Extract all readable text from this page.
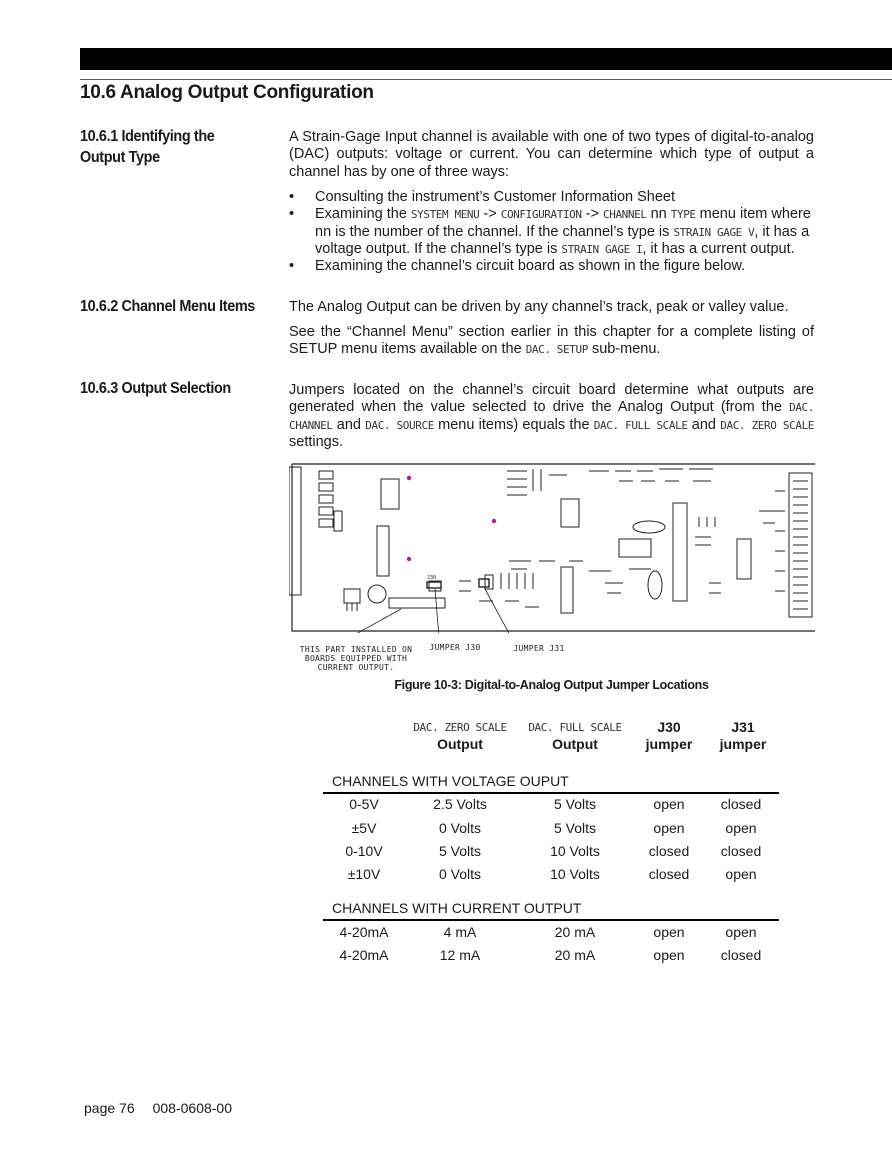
10.6 Analog Output Configuration
10.6.1 Identifying the
Output Type

A Strain-Gage Input channel is available with one of two types of digital-to-analog (DAC) outputs: voltage or current. You can determine which type of output a channel has by one of three ways:

• Consulting the instrument’s Customer Information Sheet
• Examining the SYSTEM MENU -> CONFIGURATION -> CHANNEL nn TYPE menu item where nn is the number of the channel. If the channel’s type is STRAIN GAGE V, it has a voltage output. If the channel’s type is STRAIN GAGE I, it has a current output.
• Examining the channel’s circuit board as shown in the figure below.
10.6.2 Channel Menu Items	The Analog Output can be driven by any channel’s track, peak or valley value.

See the “Channel Menu” section earlier in this chapter for a complete listing of SETUP menu items available on the DAC. SETUP sub-menu.

10.6.3 Output Selection	Jumpers located on the channel’s circuit board determine what outputs are generated when the value selected to drive the Analog Output (from the DAC. CHANNEL and DAC. SOURCE menu items) equals the DAC. FULL SCALE and DAC. ZERO SCALE settings.

J30
THIS PART INSTALLED ON
BOARDS EQUIPPED WITH
CURRENT OUTPUT.
JUMPER J30	JUMPER J31
Figure 10-3: Digital-to-Analog Output Jumper Locations
DAC. ZERO SCALE
Output
DAC. FULL SCALE
Output
J30
jumper
J31
jumper
CHANNELS WITH VOLTAGE OUPUT
0-5V	2.5 Volts	5 Volts	open	closed
±5V	0 Volts	5 Volts	open	open
0-10V	5 Volts	10 Volts	closed	closed
±10V	0 Volts	10 Volts	closed	open
CHANNELS WITH CURRENT OUTPUT
4-20mA	4 mA	20 mA	open	open
4-20mA	12 mA	20 mA	open	closed
page 76 008-0608-00
